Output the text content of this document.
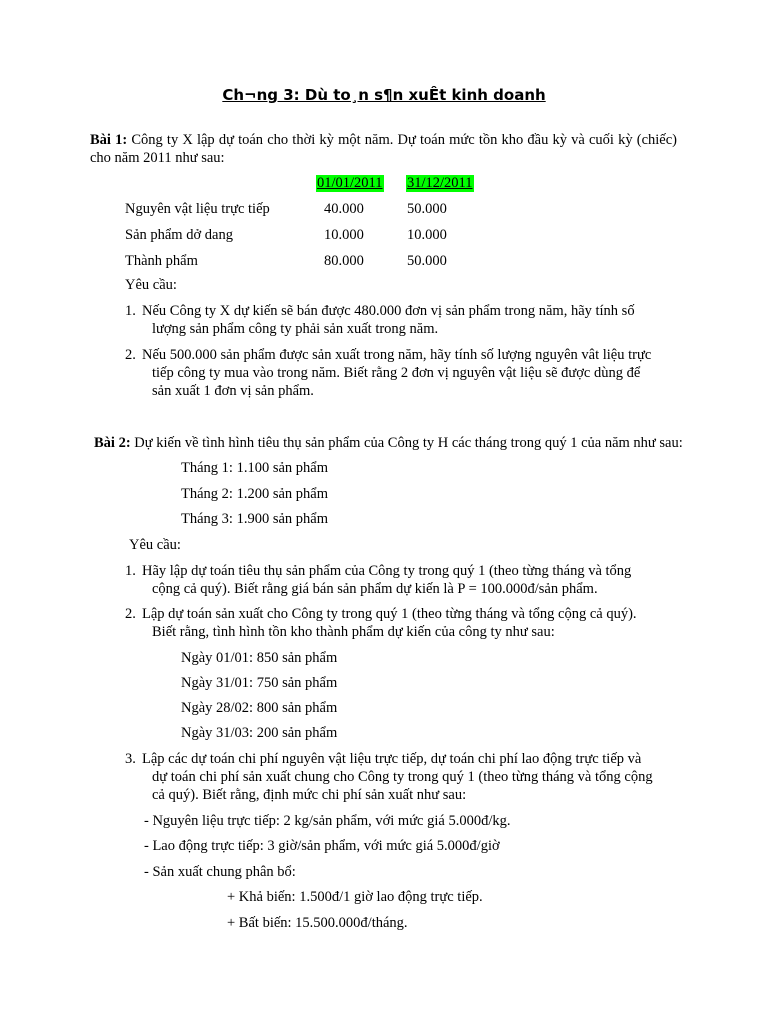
Ch¬ng 3: Dù to¸n s¶n xuÊt kinh doanh
Bài 1: Công ty X lập dự toán cho thời kỳ một năm. Dự toán mức tồn kho đầu kỳ và cuối kỳ (chiếc) cho năm 2011 như sau:
01/01/2011 31/12/2011
Nguyên vật liệu trực tiếp	40.000	50.000
Sản phẩm dở dang	10.000	10.000
Thành phẩm	80.000	50.000
Yêu cầu:
1. Nếu Công ty X dự kiến sẽ bán được 480.000 đơn vị sản phẩm trong năm, hãy tính số
lượng sản phẩm công ty phải sản xuất trong năm.
2. Nếu 500.000 sản phẩm được sản xuất trong năm, hãy tính số lượng nguyên vât liệu trực
tiếp công ty mua vào trong năm. Biết rằng 2 đơn vị nguyên vật liệu sẽ được dùng để
sản xuất 1 đơn vị sản phẩm.
Bài 2: Dự kiến về tình hình tiêu thụ sản phẩm của Công ty H các tháng trong quý 1 của năm như sau:
Tháng 1: 1.100 sản phẩm
Tháng 2: 1.200 sản phẩm
Tháng 3: 1.900 sản phẩm
Yêu cầu:
1. Hãy lập dự toán tiêu thụ sản phẩm của Công ty trong quý 1 (theo từng tháng và tổng
cộng cả quý). Biết rằng giá bán sản phẩm dự kiến là P = 100.000đ/sản phẩm.
2. Lập dự toán sản xuất cho Công ty trong quý 1 (theo từng tháng và tổng cộng cả quý).
Biết rằng, tình hình tồn kho thành phẩm dự kiến của công ty như sau:
Ngày 01/01: 850 sản phẩm
Ngày 31/01: 750 sản phẩm
Ngày 28/02: 800 sản phẩm
Ngày 31/03: 200 sản phẩm
3. Lập các dự toán chi phí nguyên vật liệu trực tiếp, dự toán chi phí lao động trực tiếp và
dự toán chi phí sản xuất chung cho Công ty trong quý 1 (theo từng tháng và tổng cộng
cả quý). Biết rằng, định mức chi phí sản xuất như sau:
- Nguyên liệu trực tiếp: 2 kg/sản phẩm, với mức giá 5.000đ/kg.
- Lao động trực tiếp: 3 giờ/sản phẩm, với mức giá 5.000đ/giờ
- Sản xuất chung phân bổ:
+ Khả biến: 1.500đ/1 giờ lao động trực tiếp.
+ Bất biến: 15.500.000đ/tháng.
